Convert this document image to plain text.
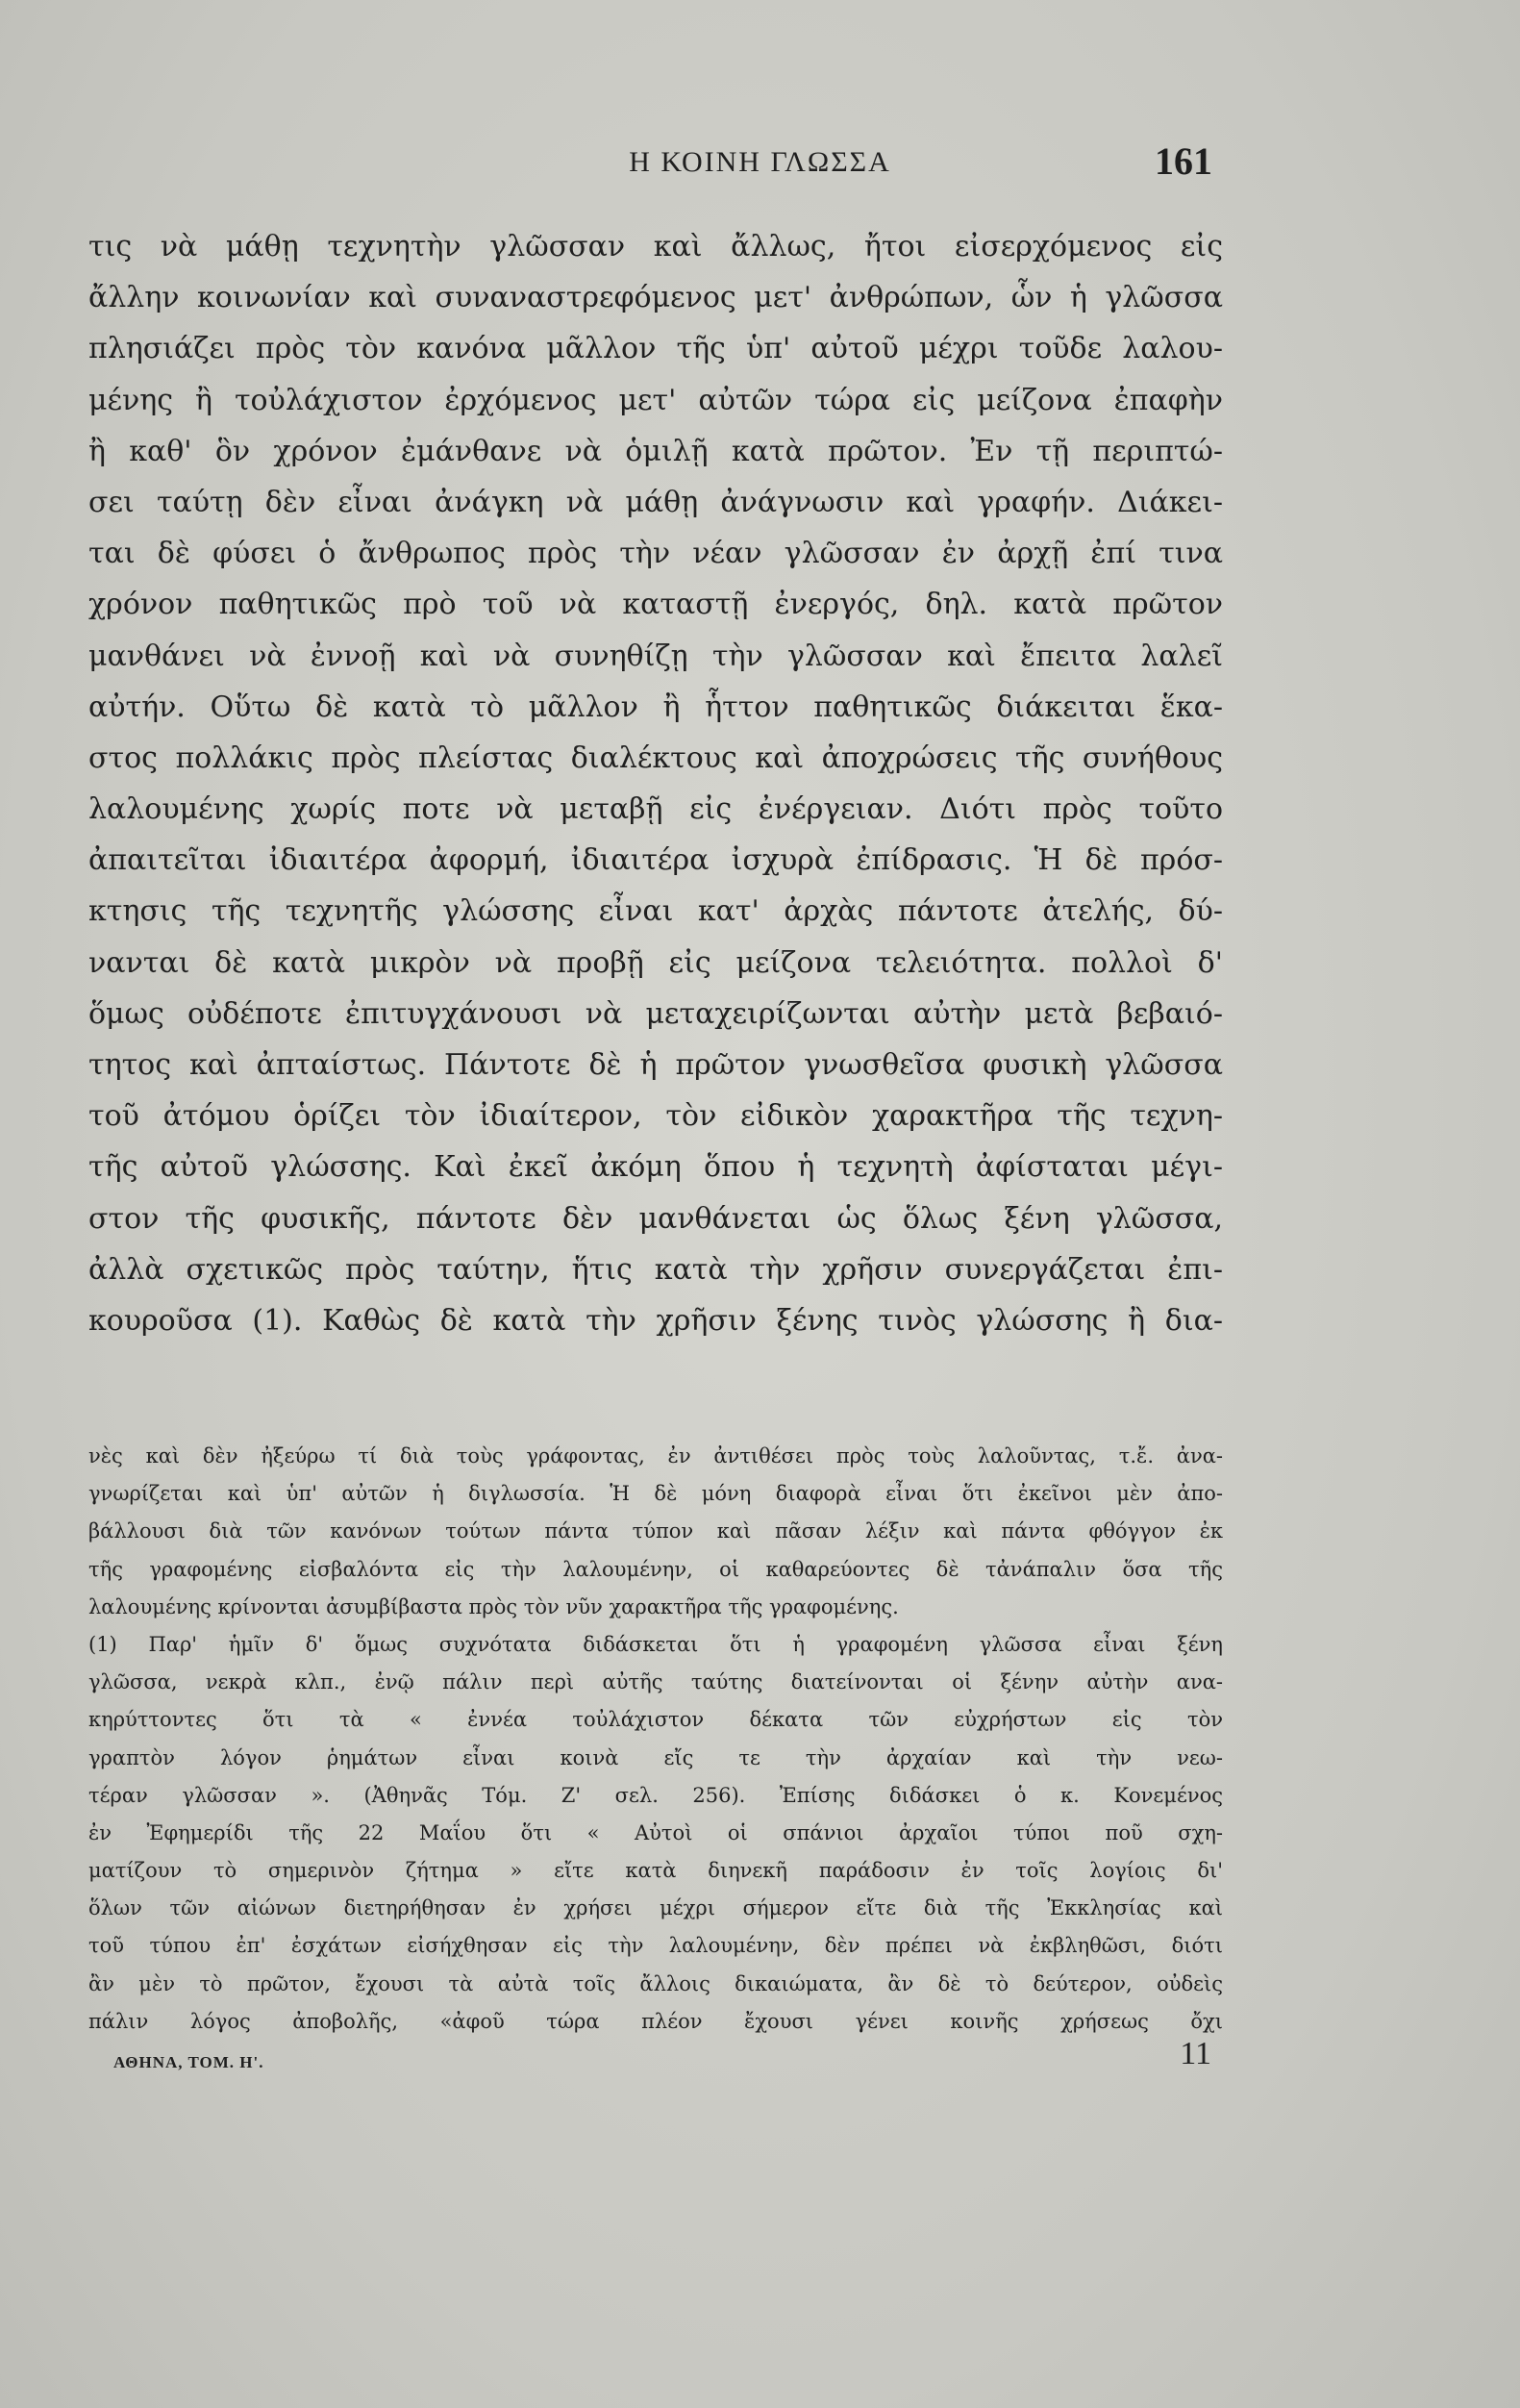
Η ΚΟΙΝΗ ΓΛΩΣΣΑ	161
τις νὰ μάθῃ τεχνητὴν γλῶσσαν καὶ ἄλλως, ἤτοι εἰσερχόμενος εἰς
ἄλλην κοινωνίαν καὶ συναναστρεφόμενος μετ' ἀνθρώπων, ὧν ἡ γλῶσσα
πλησιάζει πρὸς τὸν κανόνα μᾶλλον τῆς ὑπ' αὐτοῦ μέχρι τοῦδε λαλου-
μένης ἢ τοὐλάχιστον ἐρχόμενος μετ' αὐτῶν τώρα εἰς μείζονα ἐπαφὴν
ἢ καθ' ὃν χρόνον ἐμάνθανε νὰ ὁμιλῇ κατὰ πρῶτον. Ἐν τῇ περιπτώ-
σει ταύτῃ δὲν εἶναι ἀνάγκη νὰ μάθῃ ἀνάγνωσιν καὶ γραφήν. Διάκει-
ται δὲ φύσει ὁ ἄνθρωπος πρὸς τὴν νέαν γλῶσσαν ἐν ἀρχῇ ἐπί τινα
χρόνον παθητικῶς πρὸ τοῦ νὰ καταστῇ ἐνεργός, δηλ. κατὰ πρῶτον
μανθάνει νὰ ἐννοῇ καὶ νὰ συνηθίζῃ τὴν γλῶσσαν καὶ ἔπειτα λαλεῖ
αὐτήν. Οὕτω δὲ κατὰ τὸ μᾶλλον ἢ ἧττον παθητικῶς διάκειται ἕκα-
στος πολλάκις πρὸς πλείστας διαλέκτους καὶ ἀποχρώσεις τῆς συνήθους
λαλουμένης χωρίς ποτε νὰ μεταβῇ εἰς ἐνέργειαν. Διότι πρὸς τοῦτο
ἀπαιτεῖται ἰδιαιτέρα ἀφορμή, ἰδιαιτέρα ἰσχυρὰ ἐπίδρασις. Ἡ δὲ πρόσ-
κτησις τῆς τεχνητῆς γλώσσης εἶναι κατ' ἀρχὰς πάντοτε ἀτελής, δύ-
νανται δὲ κατὰ μικρὸν νὰ προβῇ εἰς μείζονα τελειότητα. πολλοὶ δ'
ὅμως οὐδέποτε ἐπιτυγχάνουσι νὰ μεταχειρίζωνται αὐτὴν μετὰ βεβαιό-
τητος καὶ ἀπταίστως. Πάντοτε δὲ ἡ πρῶτον γνωσθεῖσα φυσικὴ γλῶσσα
τοῦ ἀτόμου ὁρίζει τὸν ἰδιαίτερον, τὸν εἰδικὸν χαρακτῆρα τῆς τεχνη-
τῆς αὐτοῦ γλώσσης. Καὶ ἐκεῖ ἀκόμη ὅπου ἡ τεχνητὴ ἀφίσταται μέγι-
στον τῆς φυσικῆς, πάντοτε δὲν μανθάνεται ὡς ὅλως ξένη γλῶσσα,
ἀλλὰ σχετικῶς πρὸς ταύτην, ἥτις κατὰ τὴν χρῆσιν συνεργάζεται ἐπι-
κουροῦσα (1). Καθὼς δὲ κατὰ τὴν χρῆσιν ξένης τινὸς γλώσσης ἢ δια-
νὲς καὶ δὲν ἠξεύρω τί διὰ τοὺς γράφοντας, ἐν ἀντιθέσει πρὸς τοὺς λαλοῦντας, τ.ἔ. ἀνα-
γνωρίζεται καὶ ὑπ' αὐτῶν ἡ διγλωσσία. Ἡ δὲ μόνη διαφορὰ εἶναι ὅτι ἐκεῖνοι μὲν ἀπο-
βάλλουσι διὰ τῶν κανόνων τούτων πάντα τύπον καὶ πᾶσαν λέξιν καὶ πάντα φθόγγον ἐκ
τῆς γραφομένης εἰσβαλόντα εἰς τὴν λαλουμένην, οἱ καθαρεύοντες δὲ τἀνάπαλιν ὅσα τῆς
λαλουμένης κρίνονται ἀσυμβίβαστα πρὸς τὸν νῦν χαρακτῆρα τῆς γραφομένης.
(1) Παρ' ἡμῖν δ' ὅμως συχνότατα διδάσκεται ὅτι ἡ γραφομένη γλῶσσα εἶναι ξένη
γλῶσσα, νεκρὰ κλπ., ἐνῷ πάλιν περὶ αὐτῆς ταύτης διατείνονται οἱ ξένην αὐτὴν ανα-
κηρύττοντες ὅτι τὰ « ἐννέα τοὐλάχιστον δέκατα τῶν εὐχρήστων εἰς τὸν
γραπτὸν λόγον ῥημάτων εἶναι κοινὰ εἴς τε τὴν ἀρχαίαν καὶ τὴν νεω-
τέραν γλῶσσαν ». (Ἀθηνᾶς Τόμ. Ζ' σελ. 256). Ἐπίσης διδάσκει ὁ κ. Κονεμένος
ἐν Ἐφημερίδι τῆς 22 Μαΐου ὅτι « Αὐτοὶ οἱ σπάνιοι ἀρχαῖοι τύποι ποῦ σχη-
ματίζουν τὸ σημερινὸν ζήτημα » εἴτε κατὰ διηνεκῆ παράδοσιν ἐν τοῖς λογίοις δι'
ὅλων τῶν αἰώνων διετηρήθησαν ἐν χρήσει μέχρι σήμερον εἴτε διὰ τῆς Ἐκκλησίας καὶ
τοῦ τύπου ἐπ' ἐσχάτων εἰσήχθησαν εἰς τὴν λαλουμένην, δὲν πρέπει νὰ ἐκβληθῶσι, διότι
ἂν μὲν τὸ πρῶτον, ἔχουσι τὰ αὐτὰ τοῖς ἄλλοις δικαιώματα, ἂν δὲ τὸ δεύτερον, οὐδεὶς
πάλιν λόγος ἀποβολῆς, «ἀφοῦ τώρα πλέον ἔχουσι γένει κοινῆς χρήσεως ὄχι
ΑΘΗΝΑ, ΤΟΜ. Η'.	11
